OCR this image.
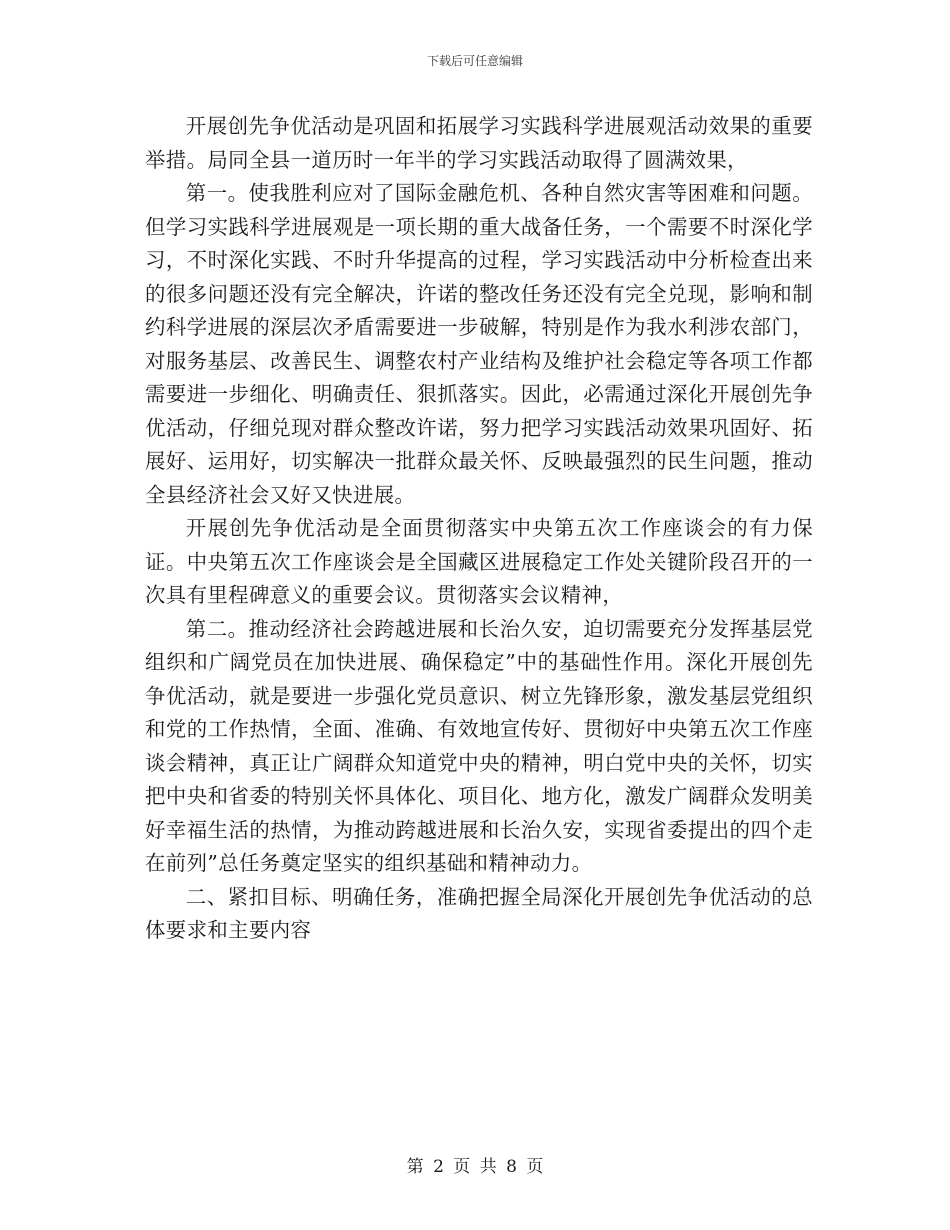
下载后可任意编辑

开展创先争优活动是巩固和拓展学习实践科学进展观活动效果的重要举措。局同全县一道历时一年半的学习实践活动取得了圆满效果，

第一。使我胜利应对了国际金融危机、各种自然灾害等困难和问题。但学习实践科学进展观是一项长期的重大战备任务，一个需要不时深化学习，不时深化实践、不时升华提高的过程，学习实践活动中分析检查出来的很多问题还没有完全解决，许诺的整改任务还没有完全兑现，影响和制约科学进展的深层次矛盾需要进一步破解，特别是作为我水利涉农部门，对服务基层、改善民生、调整农村产业结构及维护社会稳定等各项工作都需要进一步细化、明确责任、狠抓落实。因此，必需通过深化开展创先争优活动，仔细兑现对群众整改许诺，努力把学习实践活动效果巩固好、拓展好、运用好，切实解决一批群众最关怀、反映最强烈的民生问题，推动全县经济社会又好又快进展。

开展创先争优活动是全面贯彻落实中央第五次工作座谈会的有力保证。中央第五次工作座谈会是全国藏区进展稳定工作处关键阶段召开的一次具有里程碑意义的重要会议。贯彻落实会议精神，

第二。推动经济社会跨越进展和长治久安，迫切需要充分发挥基层党组织和广阔党员在加快进展、确保稳定”中的基础性作用。深化开展创先争优活动，就是要进一步强化党员意识、树立先锋形象，激发基层党组织和党的工作热情，全面、准确、有效地宣传好、贯彻好中央第五次工作座谈会精神，真正让广阔群众知道党中央的精神，明白党中央的关怀，切实把中央和省委的特别关怀具体化、项目化、地方化，激发广阔群众发明美好幸福生活的热情，为推动跨越进展和长治久安，实现省委提出的四个走在前列”总任务奠定坚实的组织基础和精神动力。

二、紧扣目标、明确任务，准确把握全局深化开展创先争优活动的总体要求和主要内容

第 2 页 共 8 页
